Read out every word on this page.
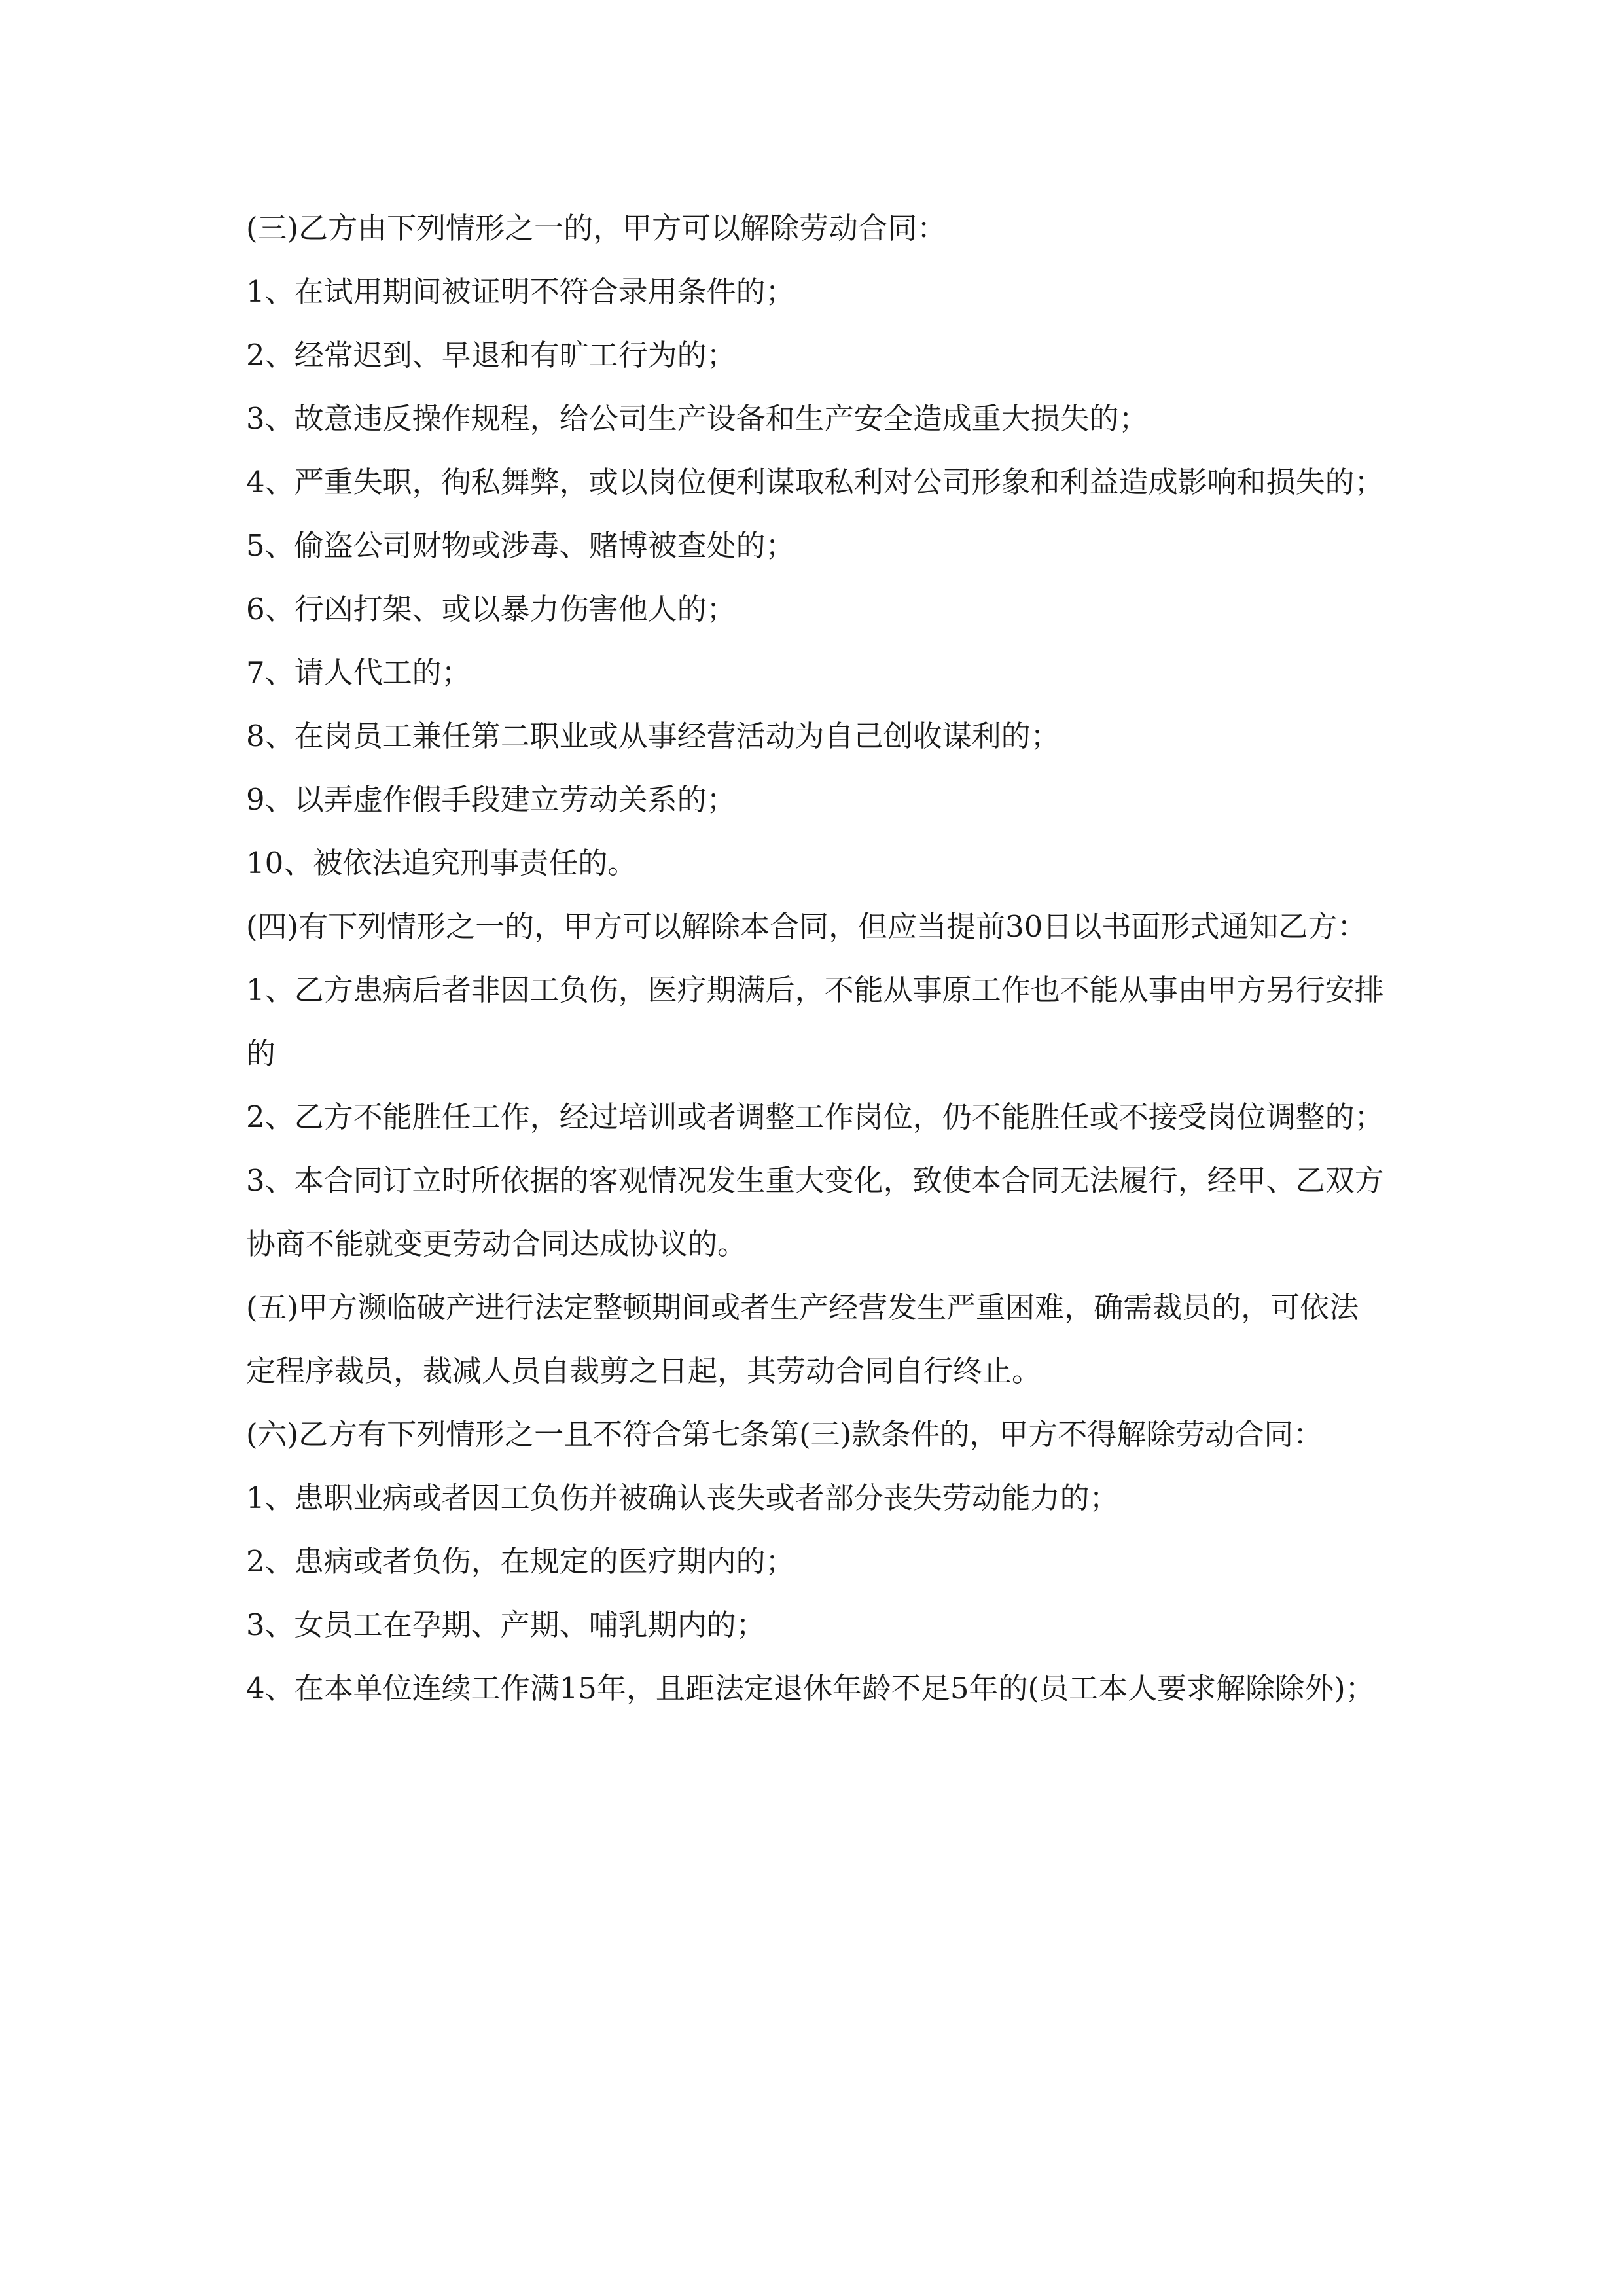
(三)乙方由下列情形之一的，甲方可以解除劳动合同：

1、在试用期间被证明不符合录用条件的；

2、经常迟到、早退和有旷工行为的；

3、故意违反操作规程，给公司生产设备和生产安全造成重大损失的；

4、严重失职，徇私舞弊，或以岗位便利谋取私利对公司形象和利益造成影响和损失的；

5、偷盗公司财物或涉毒、赌博被查处的；

6、行凶打架、或以暴力伤害他人的；

7、请人代工的；

8、在岗员工兼任第二职业或从事经营活动为自己创收谋利的；

9、以弄虚作假手段建立劳动关系的；

10、被依法追究刑事责任的。

(四)有下列情形之一的，甲方可以解除本合同，但应当提前30日以书面形式通知乙方：

1、乙方患病后者非因工负伤，医疗期满后，不能从事原工作也不能从事由甲方另行安排的

2、乙方不能胜任工作，经过培训或者调整工作岗位，仍不能胜任或不接受岗位调整的；

3、本合同订立时所依据的客观情况发生重大变化，致使本合同无法履行，经甲、乙双方协商不能就变更劳动合同达成协议的。

(五)甲方濒临破产进行法定整顿期间或者生产经营发生严重困难，确需裁员的，可依法定程序裁员，裁减人员自裁剪之日起，其劳动合同自行终止。

(六)乙方有下列情形之一且不符合第七条第(三)款条件的，甲方不得解除劳动合同：

1、患职业病或者因工负伤并被确认丧失或者部分丧失劳动能力的；

2、患病或者负伤，在规定的医疗期内的；

3、女员工在孕期、产期、哺乳期内的；

4、在本单位连续工作满15年，且距法定退休年龄不足5年的(员工本人要求解除除外)；
